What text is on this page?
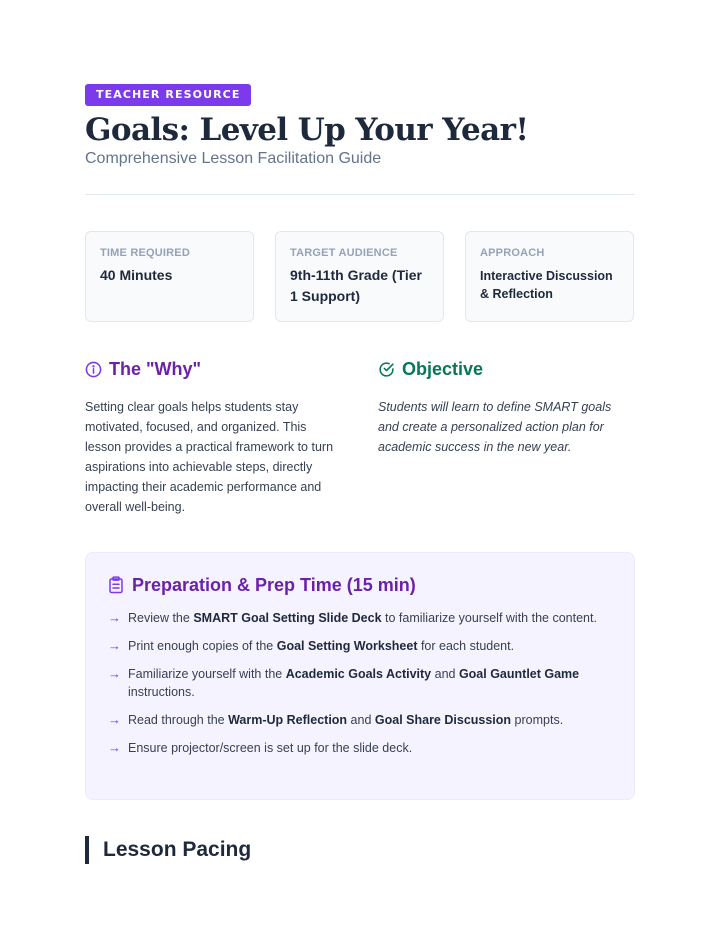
TEACHER RESOURCE
Goals: Level Up Your Year!
Comprehensive Lesson Facilitation Guide
TIME REQUIRED
40 Minutes
TARGET AUDIENCE
9th-11th Grade (Tier 1 Support)
APPROACH
Interactive Discussion & Reflection
The "Why"

Setting clear goals helps students stay motivated, focused, and organized. This lesson provides a practical framework to turn aspirations into achievable steps, directly impacting their academic performance and overall well-being.

Objective

Students will learn to define SMART goals and create a personalized action plan for academic success in the new year.

Preparation & Prep Time (15 min)
→ Review the SMART Goal Setting Slide Deck to familiarize yourself with the content.
→ Print enough copies of the Goal Setting Worksheet for each student.
→ Familiarize yourself with the Academic Goals Activity and Goal Gauntlet Game instructions.
→ Read through the Warm-Up Reflection and Goal Share Discussion prompts.
→ Ensure projector/screen is set up for the slide deck.
Lesson Pacing
